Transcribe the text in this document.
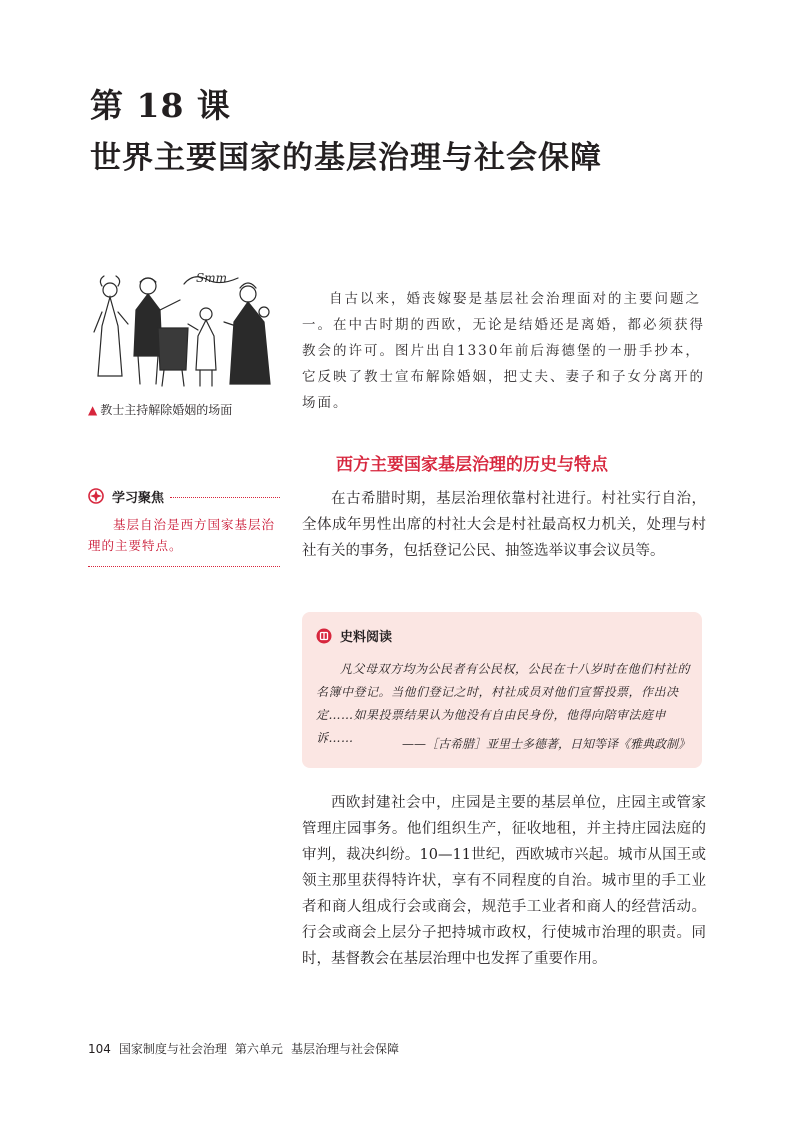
第 18 课
世界主要国家的基层治理与社会保障
Smm
▲ 教士主持解除婚姻的场面
自古以来，婚丧嫁娶是基层社会治理面对的主要问题之一。在中古时期的西欧，无论是结婚还是离婚，都必须获得教会的许可。图片出自1330年前后海德堡的一册手抄本，它反映了教士宣布解除婚姻，把丈夫、妻子和子女分离开的场面。
西方主要国家基层治理的历史与特点
学习聚焦
基层自治是西方国家基层治理的主要特点。
在古希腊时期，基层治理依靠村社进行。村社实行自治，全体成年男性出席的村社大会是村社最高权力机关，处理与村社有关的事务，包括登记公民、抽签选举议事会议员等。
史料阅读
凡父母双方均为公民者有公民权，公民在十八岁时在他们村社的名簿中登记。当他们登记之时，村社成员对他们宣誓投票，作出决定……如果投票结果认为他没有自由民身份，他得向陪审法庭申诉……	——［古希腊］亚里士多德著，日知等译《雅典政制》
西欧封建社会中，庄园是主要的基层单位，庄园主或管家管理庄园事务。他们组织生产，征收地租，并主持庄园法庭的审判，裁决纠纷。10—11世纪，西欧城市兴起。城市从国王或领主那里获得特许状，享有不同程度的自治。城市里的手工业者和商人组成行会或商会，规范手工业者和商人的经营活动。行会或商会上层分子把持城市政权，行使城市治理的职责。同时，基督教会在基层治理中也发挥了重要作用。
104 国家制度与社会治理 第六单元 基层治理与社会保障
